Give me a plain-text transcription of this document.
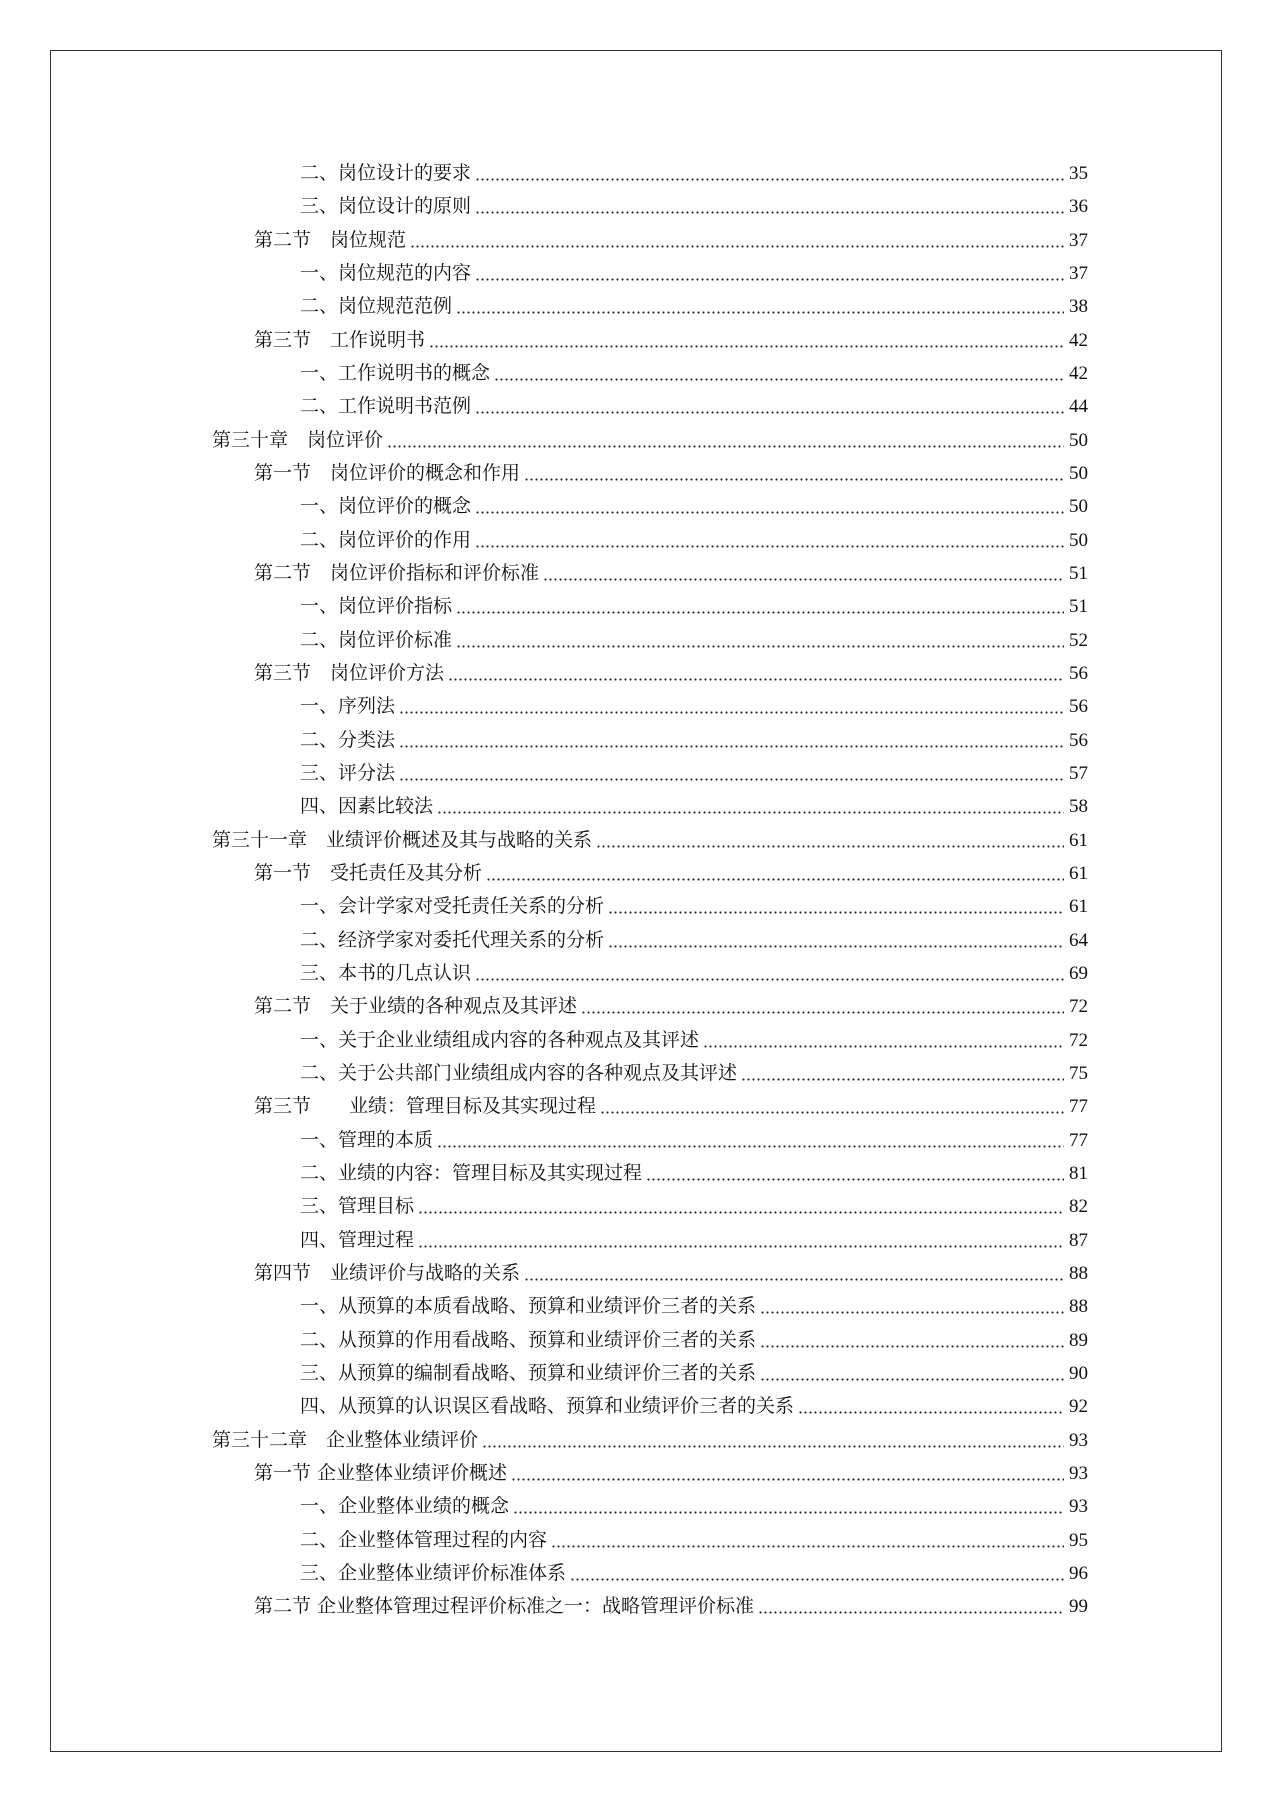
二、岗位设计的要求	35
三、岗位设计的原则	36
第二节　岗位规范	37
一、岗位规范的内容	37
二、岗位规范范例	38
第三节　工作说明书	42
一、工作说明书的概念	42
二、工作说明书范例	44
第三十章　岗位评价	50
第一节　岗位评价的概念和作用	50
一、岗位评价的概念	50
二、岗位评价的作用	50
第二节　岗位评价指标和评价标准	51
一、岗位评价指标	51
二、岗位评价标准	52
第三节　岗位评价方法	56
一、序列法	56
二、分类法	56
三、评分法	57
四、因素比较法	58
第三十一章　业绩评价概述及其与战略的关系	61
第一节　受托责任及其分析	61
一、会计学家对受托责任关系的分析	61
二、经济学家对委托代理关系的分析	64
三、本书的几点认识	69
第二节　关于业绩的各种观点及其评述	72
一、关于企业业绩组成内容的各种观点及其评述	72
二、关于公共部门业绩组成内容的各种观点及其评述	75
第三节　　业绩：管理目标及其实现过程	77
一、管理的本质	77
二、业绩的内容：管理目标及其实现过程	81
三、管理目标	82
四、管理过程	87
第四节　业绩评价与战略的关系	88
一、从预算的本质看战略、预算和业绩评价三者的关系	88
二、从预算的作用看战略、预算和业绩评价三者的关系	89
三、从预算的编制看战略、预算和业绩评价三者的关系	90
四、从预算的认识误区看战略、预算和业绩评价三者的关系	92
第三十二章　企业整体业绩评价	93
第一节 企业整体业绩评价概述	93
一、企业整体业绩的概念	93
二、企业整体管理过程的内容	95
三、企业整体业绩评价标准体系	96
第二节 企业整体管理过程评价标准之一：战略管理评价标准	99
